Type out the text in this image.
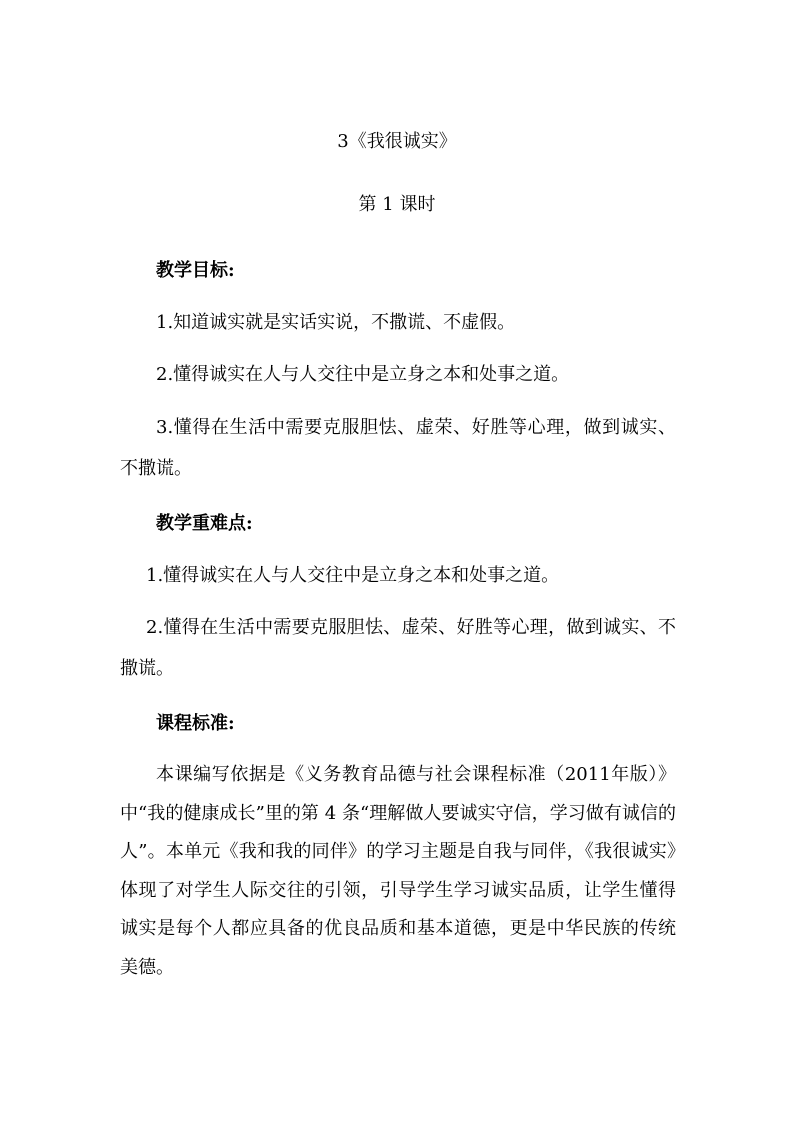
3《我很诚实》
第 1 课时
教学目标:
1.知道诚实就是实话实说，不撒谎、不虚假。
2.懂得诚实在人与人交往中是立身之本和处事之道。
3.懂得在生活中需要克服胆怯、虚荣、好胜等心理，做到诚实、不撒谎。
教学重难点:
1.懂得诚实在人与人交往中是立身之本和处事之道。
2.懂得在生活中需要克服胆怯、虚荣、好胜等心理，做到诚实、不撒谎。
课程标准:
本课编写依据是《义务教育品德与社会课程标准（2011年版）》中“我的健康成长”里的第 4 条“理解做人要诚实守信，学习做有诚信的人”。本单元《我和我的同伴》的学习主题是自我与同伴，《我很诚实》体现了对学生人际交往的引领，引导学生学习诚实品质，让学生懂得诚实是每个人都应具备的优良品质和基本道德，更是中华民族的传统美德。
